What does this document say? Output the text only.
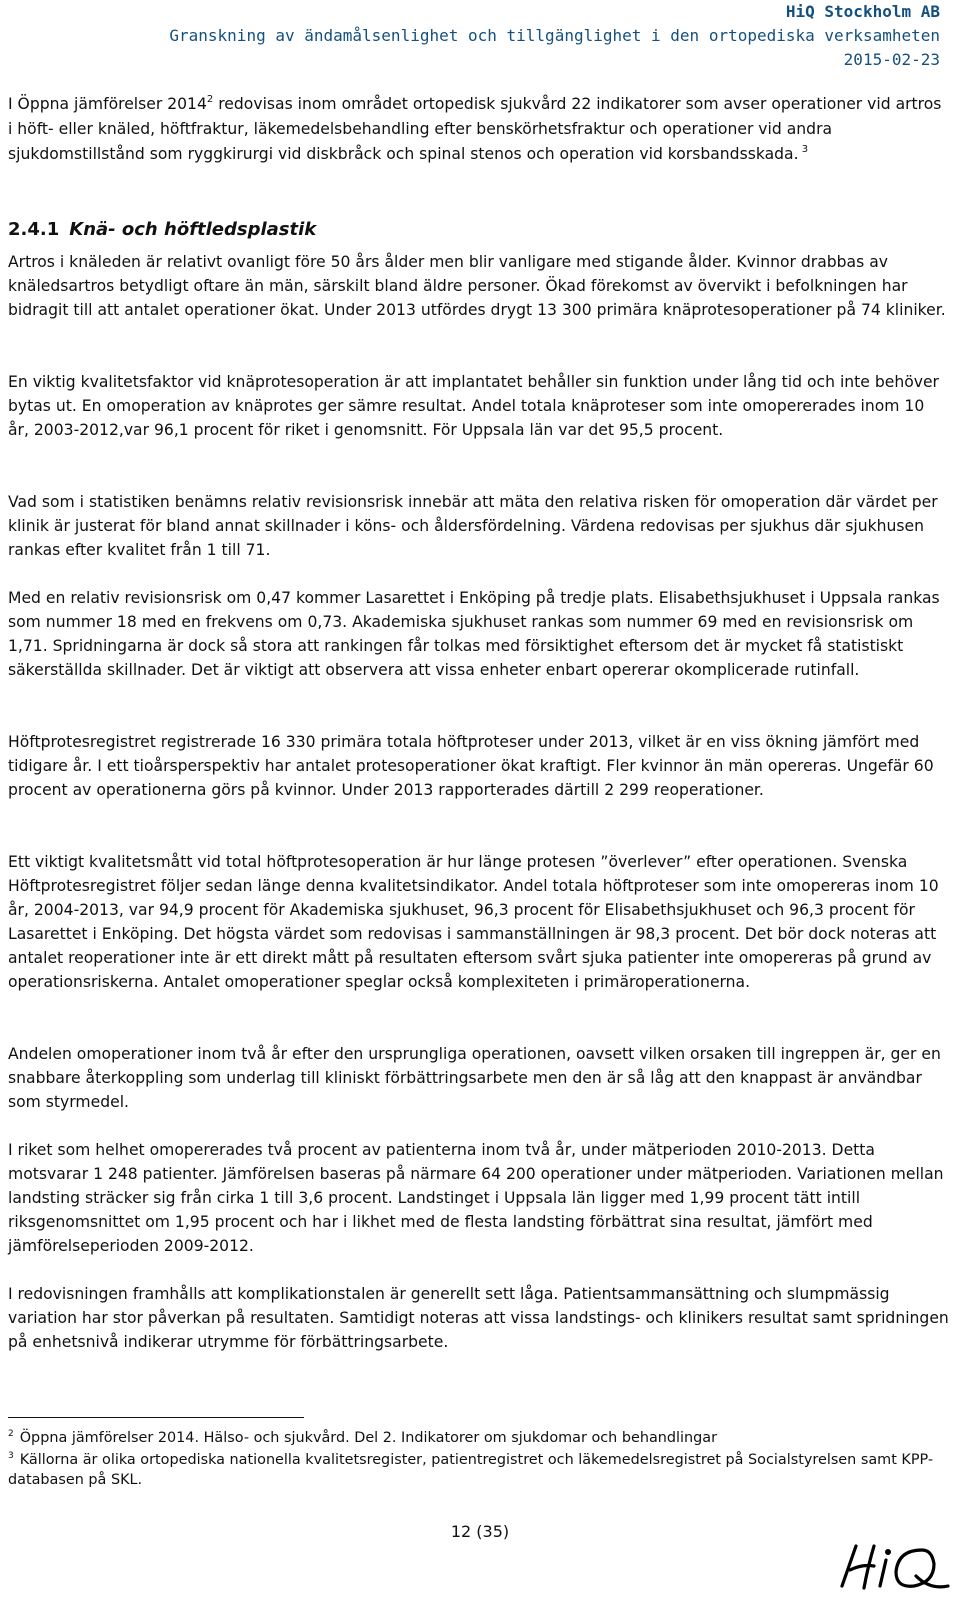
HiQ Stockholm AB
Granskning av ändamålsenlighet och tillgänglighet i den ortopediska verksamheten
2015-02-23

I Öppna jämförelser 2014$^2$ redovisas inom området ortopedisk sjukvård 22 indikatorer som avser operationer vid artros i höft- eller knäled, höftfraktur, läkemedelsbehandling efter benskörhetsfraktur och operationer vid andra sjukdomstillstånd som ryggkirurgi vid diskbråck och spinal stenos och operation vid korsbandsskada. $^3$

2.4.1 Knä- och höftledsplastik

Artros i knäleden är relativt ovanligt före 50 års ålder men blir vanligare med stigande ålder. Kvinnor drabbas av knäledsartros betydligt oftare än män, särskilt bland äldre personer. Ökad förekomst av övervikt i befolkningen har bidragit till att antalet operationer ökat. Under 2013 utfördes drygt 13 300 primära knäprotesoperationer på 74 kliniker.

En viktig kvalitetsfaktor vid knäprotesoperation är att implantatet behåller sin funktion under lång tid och inte behöver bytas ut. En omoperation av knäprotes ger sämre resultat. Andel totala knäproteser som inte omopererades inom 10 år, 2003-2012,var 96,1 procent för riket i genomsnitt. För Uppsala län var det 95,5 procent.

Vad som i statistiken benämns relativ revisionsrisk innebär att mäta den relativa risken för omoperation där värdet per klinik är justerat för bland annat skillnader i köns- och åldersfördelning. Värdena redovisas per sjukhus där sjukhusen rankas efter kvalitet från 1 till 71.

Med en relativ revisionsrisk om 0,47 kommer Lasarettet i Enköping på tredje plats. Elisabethsjukhuset i Uppsala rankas som nummer 18 med en frekvens om 0,73. Akademiska sjukhuset rankas som nummer 69 med en revisionsrisk om 1,71. Spridningarna är dock så stora att rankingen får tolkas med försiktighet eftersom det är mycket få statistiskt säkerställda skillnader. Det är viktigt att observera att vissa enheter enbart opererar okomplicerade rutinfall.

Höftprotesregistret registrerade 16 330 primära totala höftproteser under 2013, vilket är en viss ökning jämfört med tidigare år. I ett tioårsperspektiv har antalet protesoperationer ökat kraftigt. Fler kvinnor än män opereras. Ungefär 60 procent av operationerna görs på kvinnor. Under 2013 rapporterades därtill 2 299 reoperationer.

Ett viktigt kvalitetsmått vid total höftprotesoperation är hur länge protesen ”överlever” efter operationen. Svenska Höftprotesregistret följer sedan länge denna kvalitetsindikator. Andel totala höftproteser som inte omopereras inom 10 år, 2004-2013, var 94,9 procent för Akademiska sjukhuset, 96,3 procent för Elisabethsjukhuset och 96,3 procent för Lasarettet i Enköping. Det högsta värdet som redovisas i sammanställningen är 98,3 procent. Det bör dock noteras att antalet reoperationer inte är ett direkt mått på resultaten eftersom svårt sjuka patienter inte omopereras på grund av operationsriskerna. Antalet omoperationer speglar också komplexiteten i primäroperationerna.

Andelen omoperationer inom två år efter den ursprungliga operationen, oavsett vilken orsaken till ingreppen är, ger en snabbare återkoppling som underlag till kliniskt förbättringsarbete men den är så låg att den knappast är användbar som styrmedel.

I riket som helhet omopererades två procent av patienterna inom två år, under mätperioden 2010-2013. Detta motsvarar 1 248 patienter. Jämförelsen baseras på närmare 64 200 operationer under mätperioden. Variationen mellan landsting sträcker sig från cirka 1 till 3,6 procent. Landstinget i Uppsala län ligger med 1,99 procent tätt intill riksgenomsnittet om 1,95 procent och har i likhet med de flesta landsting förbättrat sina resultat, jämfört med jämförelseperioden 2009-2012.

I redovisningen framhålls att komplikationstalen är generellt sett låga. Patientsammansättning och slumpmässig variation har stor påverkan på resultaten. Samtidigt noteras att vissa landstings- och klinikers resultat samt spridningen på enhetsnivå indikerar utrymme för förbättringsarbete.

$^2$ Öppna jämförelser 2014. Hälso- och sjukvård. Del 2. Indikatorer om sjukdomar och behandlingar

$^3$ Källorna är olika ortopediska nationella kvalitetsregister, patientregistret och läkemedelsregistret på Socialstyrelsen samt KPP-databasen på SKL.

12 (35)
